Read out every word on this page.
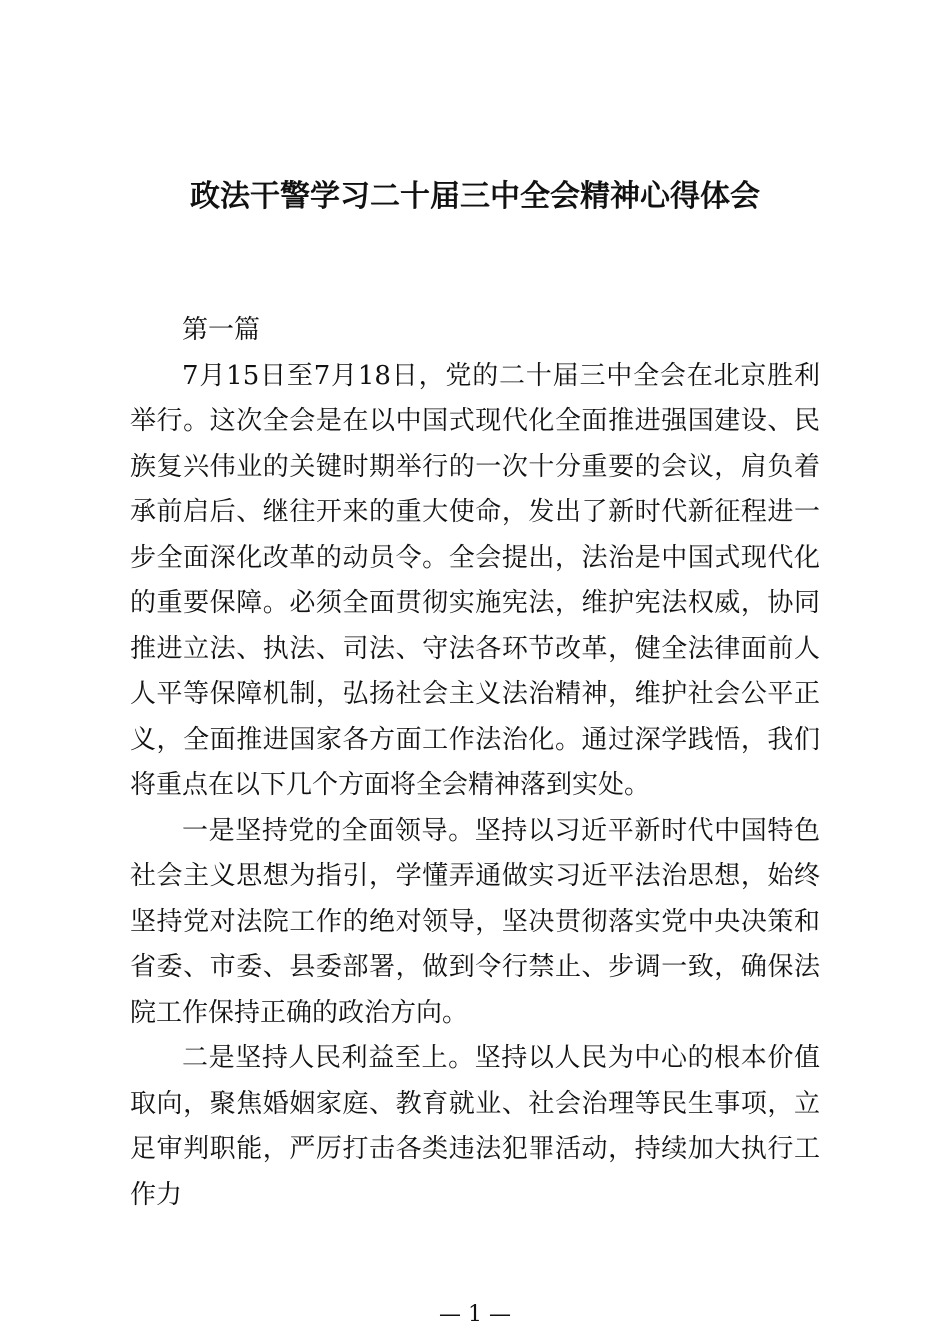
政法干警学习二十届三中全会精神心得体会

第一篇

7月15日至7月18日，党的二十届三中全会在北京胜利举行。这次全会是在以中国式现代化全面推进强国建设、民族复兴伟业的关键时期举行的一次十分重要的会议，肩负着承前启后、继往开来的重大使命，发出了新时代新征程进一步全面深化改革的动员令。全会提出，法治是中国式现代化的重要保障。必须全面贯彻实施宪法，维护宪法权威，协同推进立法、执法、司法、守法各环节改革，健全法律面前人人平等保障机制，弘扬社会主义法治精神，维护社会公平正义，全面推进国家各方面工作法治化。通过深学践悟，我们将重点在以下几个方面将全会精神落到实处。

一是坚持党的全面领导。坚持以习近平新时代中国特色社会主义思想为指引，学懂弄通做实习近平法治思想，始终坚持党对法院工作的绝对领导，坚决贯彻落实党中央决策和省委、市委、县委部署，做到令行禁止、步调一致，确保法院工作保持正确的政治方向。

二是坚持人民利益至上。坚持以人民为中心的根本价值取向，聚焦婚姻家庭、教育就业、社会治理等民生事项，立足审判职能，严厉打击各类违法犯罪活动，持续加大执行工作力

— 1 —
